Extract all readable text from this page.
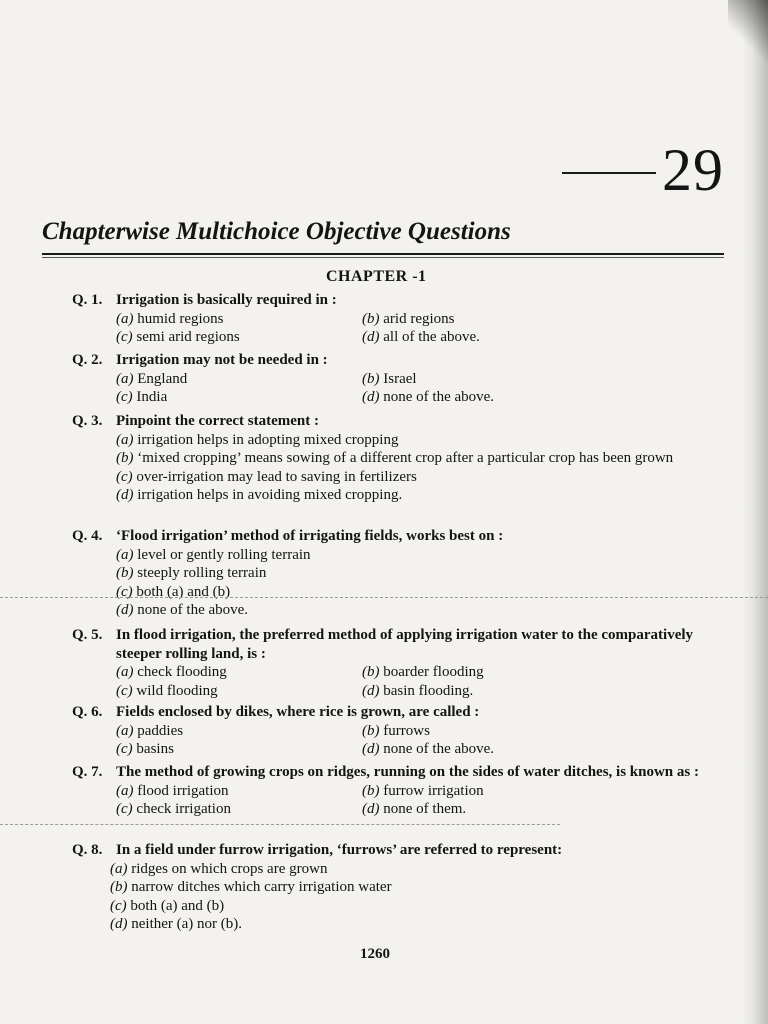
29
Chapterwise Multichoice Objective Questions
CHAPTER -1
Q. 1. Irrigation is basically required in :
(a) humid regions	(b) arid regions
(c) semi arid regions	(d) all of the above.
Q. 2. Irrigation may not be needed in :
(a) England	(b) Israel
(c) India	(d) none of the above.
Q. 3. Pinpoint the correct statement :
(a) irrigation helps in adopting mixed cropping
(b) ‘mixed cropping’ means sowing of a different crop after a particular crop has been grown
(c) over-irrigation may lead to saving in fertilizers
(d) irrigation helps in avoiding mixed cropping.
Q. 4. ‘Flood irrigation’ method of irrigating fields, works best on :
(a) level or gently rolling terrain
(b) steeply rolling terrain
(c) both (a) and (b)
(d) none of the above.
Q. 5. In flood irrigation, the preferred method of applying irrigation water to the comparatively steeper rolling land, is :
(a) check flooding	(b) boarder flooding
(c) wild flooding	(d) basin flooding.
Q. 6. Fields enclosed by dikes, where rice is grown, are called :
(a) paddies	(b) furrows
(c) basins	(d) none of the above.
Q. 7. The method of growing crops on ridges, running on the sides of water ditches, is known as :
(a) flood irrigation	(b) furrow irrigation
(c) check irrigation	(d) none of them.
Q. 8. In a field under furrow irrigation, ‘furrows’ are referred to represent:
(a) ridges on which crops are grown
(b) narrow ditches which carry irrigation water
(c) both (a) and (b)
(d) neither (a) nor (b).
1260
